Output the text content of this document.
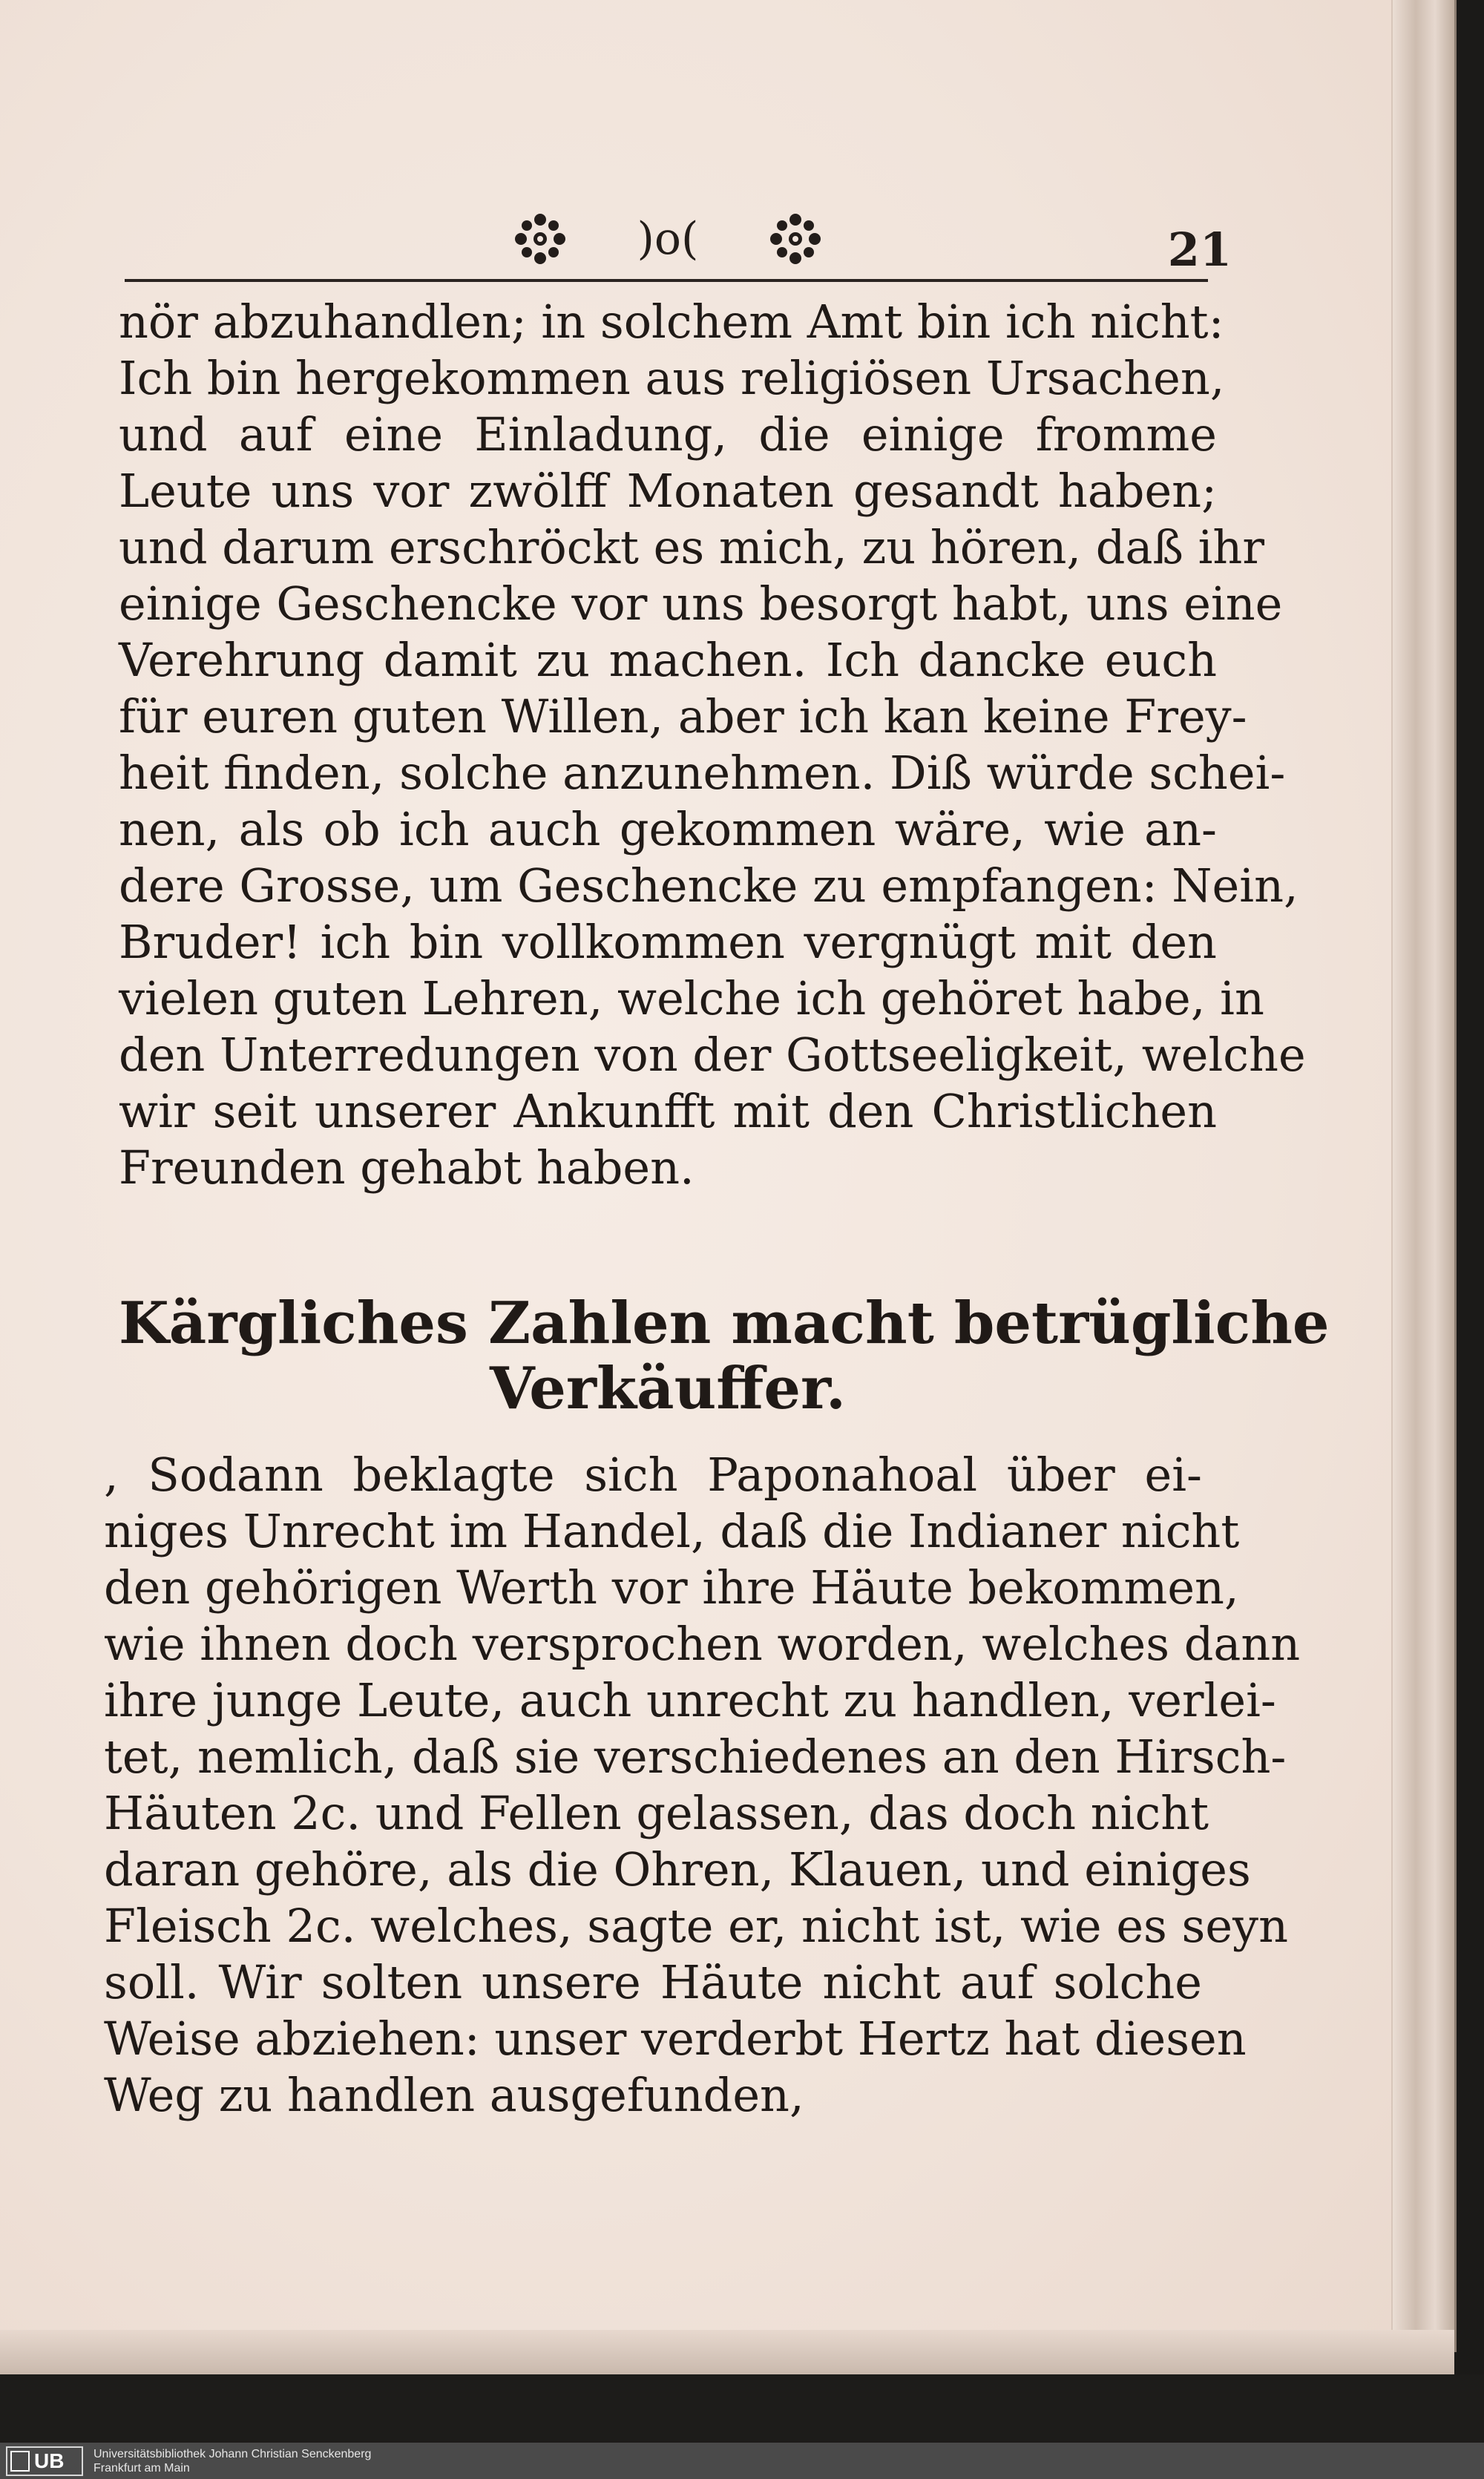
)o(	21
nör abzuhandlen; in solchem Amt bin ich nicht:
Ich bin hergekommen aus religiösen Ursachen,
und auf eine Einladung, die einige fromme
Leute uns vor zwölff Monaten gesandt haben;
und darum erschröckt es mich, zu hören, daß ihr
einige Geschencke vor uns besorgt habt, uns eine
Verehrung damit zu machen. Ich dancke euch
für euren guten Willen, aber ich kan keine Frey-
heit finden, solche anzunehmen. Diß würde schei-
nen, als ob ich auch gekommen wäre, wie an-
dere Grosse, um Geschencke zu empfangen: Nein,
Bruder! ich bin vollkommen vergnügt mit den
vielen guten Lehren, welche ich gehöret habe, in
den Unterredungen von der Gottseeligkeit, welche
wir seit unserer Ankunfft mit den Christlichen
Freunden gehabt haben.
Kärgliches Zahlen macht betrügliche
Verkäuffer.
, Sodann beklagte sich Paponahoal über ei-
niges Unrecht im Handel, daß die Indianer nicht
den gehörigen Werth vor ihre Häute bekommen,
wie ihnen doch versprochen worden, welches dann
ihre junge Leute, auch unrecht zu handlen, verlei-
tet, nemlich, daß sie verschiedenes an den Hirsch-
Häuten 2c. und Fellen gelassen, das doch nicht
daran gehöre, als die Ohren, Klauen, und einiges
Fleisch 2c. welches, sagte er, nicht ist, wie es seyn
soll. Wir solten unsere Häute nicht auf solche
Weise abziehen: unser verderbt Hertz hat diesen
Weg zu handlen ausgefunden,
UB Universitätsbibliothek Johann Christian Senckenberg
Frankfurt am Main
